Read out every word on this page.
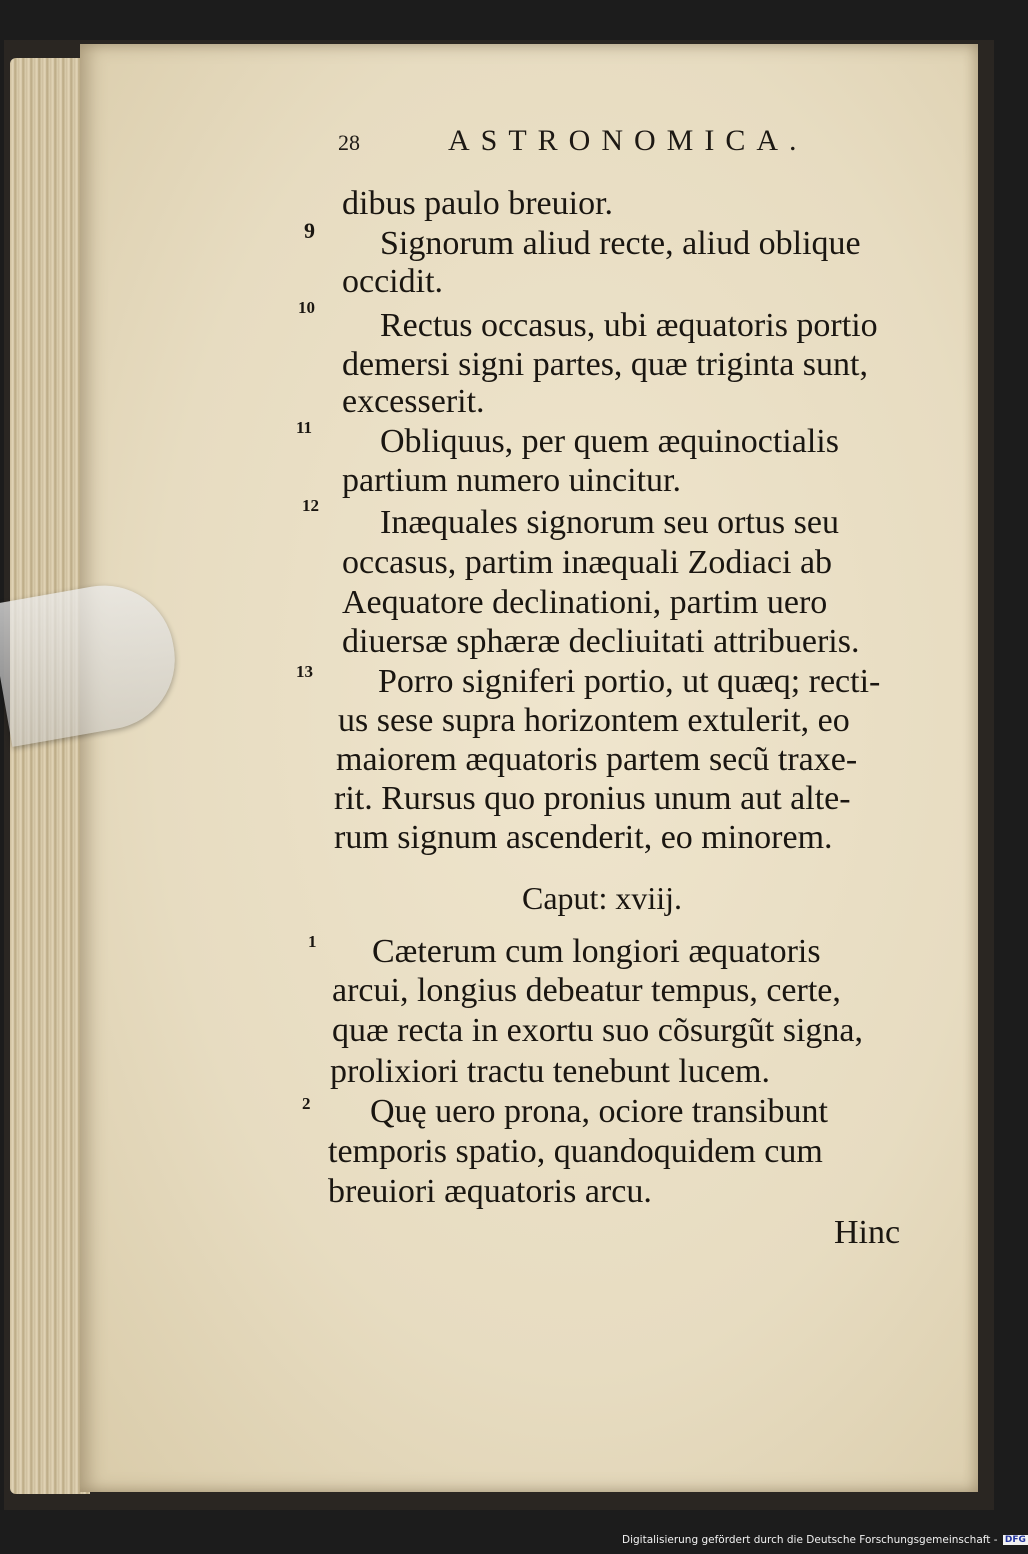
28	ASTRONOMICA.
dibus paulo breuior.
Signorum aliud recte, aliud oblique
occidit.
Rectus occasus, ubi æquatoris portio
demersi signi partes, quæ triginta sunt,
excesserit.
Obliquus, per quem æquinoctialis
partium numero uincitur.
Inæquales signorum seu ortus seu
occasus, partim inæquali Zodiaci ab
Aequatore declinationi, partim uero
diuersæ sphæræ decliuitati attribueris.
Porro signiferi portio, ut quæq; recti-
us sese supra horizontem extulerit, eo
maiorem æquatoris partem secũ traxe-
rit. Rursus quo pronius unum aut alte-
rum signum ascenderit, eo minorem.
Caput: xviij.
Cæterum cum longiori æquatoris
arcui, longius debeatur tempus, certe,
quæ recta in exortu suo cõsurgũt signa,
prolixiori tractu tenebunt lucem.
Quę uero prona, ociore transibunt
temporis spatio, quandoquidem cum
breuiori æquatoris arcu.
Hinc
9
10
11
12
13
1
2
Digitalisierung gefördert durch die Deutsche Forschungsgemeinschaft - DFG
